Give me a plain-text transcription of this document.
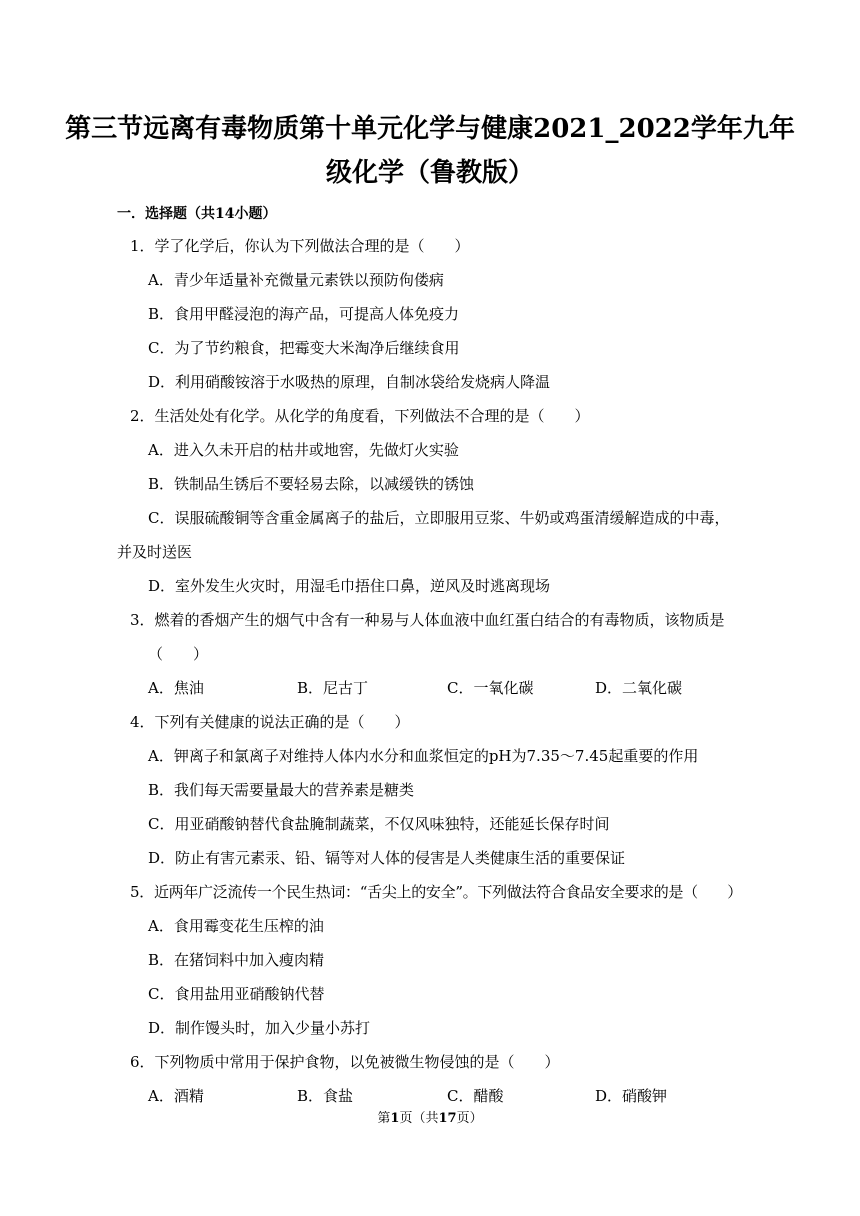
第三节远离有毒物质第十单元化学与健康2021_2022学年九年
级化学（鲁教版）
一．选择题（共14小题）
1．学了化学后，你认为下列做法合理的是（　　）
A．青少年适量补充微量元素铁以预防佝偻病
B．食用甲醛浸泡的海产品，可提高人体免疫力
C．为了节约粮食，把霉变大米淘净后继续食用
D．利用硝酸铵溶于水吸热的原理，自制冰袋给发烧病人降温
2．生活处处有化学。从化学的角度看，下列做法不合理的是（　　）
A．进入久未开启的枯井或地窖，先做灯火实验
B．铁制品生锈后不要轻易去除，以减缓铁的锈蚀
C．误服硫酸铜等含重金属离子的盐后，立即服用豆浆、牛奶或鸡蛋清缓解造成的中毒，
并及时送医
D．室外发生火灾时，用湿毛巾捂住口鼻，逆风及时逃离现场
3．燃着的香烟产生的烟气中含有一种易与人体血液中血红蛋白结合的有毒物质，该物质是
（　　）
A．焦油	B．尼古丁	C．一氧化碳	D．二氧化碳
4．下列有关健康的说法正确的是（　　）
A．钾离子和氯离子对维持人体内水分和血浆恒定的pH为7.35～7.45起重要的作用
B．我们每天需要量最大的营养素是糖类
C．用亚硝酸钠替代食盐腌制蔬菜，不仅风味独特，还能延长保存时间
D．防止有害元素汞、铅、镉等对人体的侵害是人类健康生活的重要保证
5．近两年广泛流传一个民生热词：“舌尖上的安全”。下列做法符合食品安全要求的是（　　）
A．食用霉变花生压榨的油
B．在猪饲料中加入瘦肉精
C．食用盐用亚硝酸钠代替
D．制作馒头时，加入少量小苏打
6．下列物质中常用于保护食物，以免被微生物侵蚀的是（　　）
A．酒精	B．食盐	C．醋酸	D．硝酸钾
第1页（共17页）
